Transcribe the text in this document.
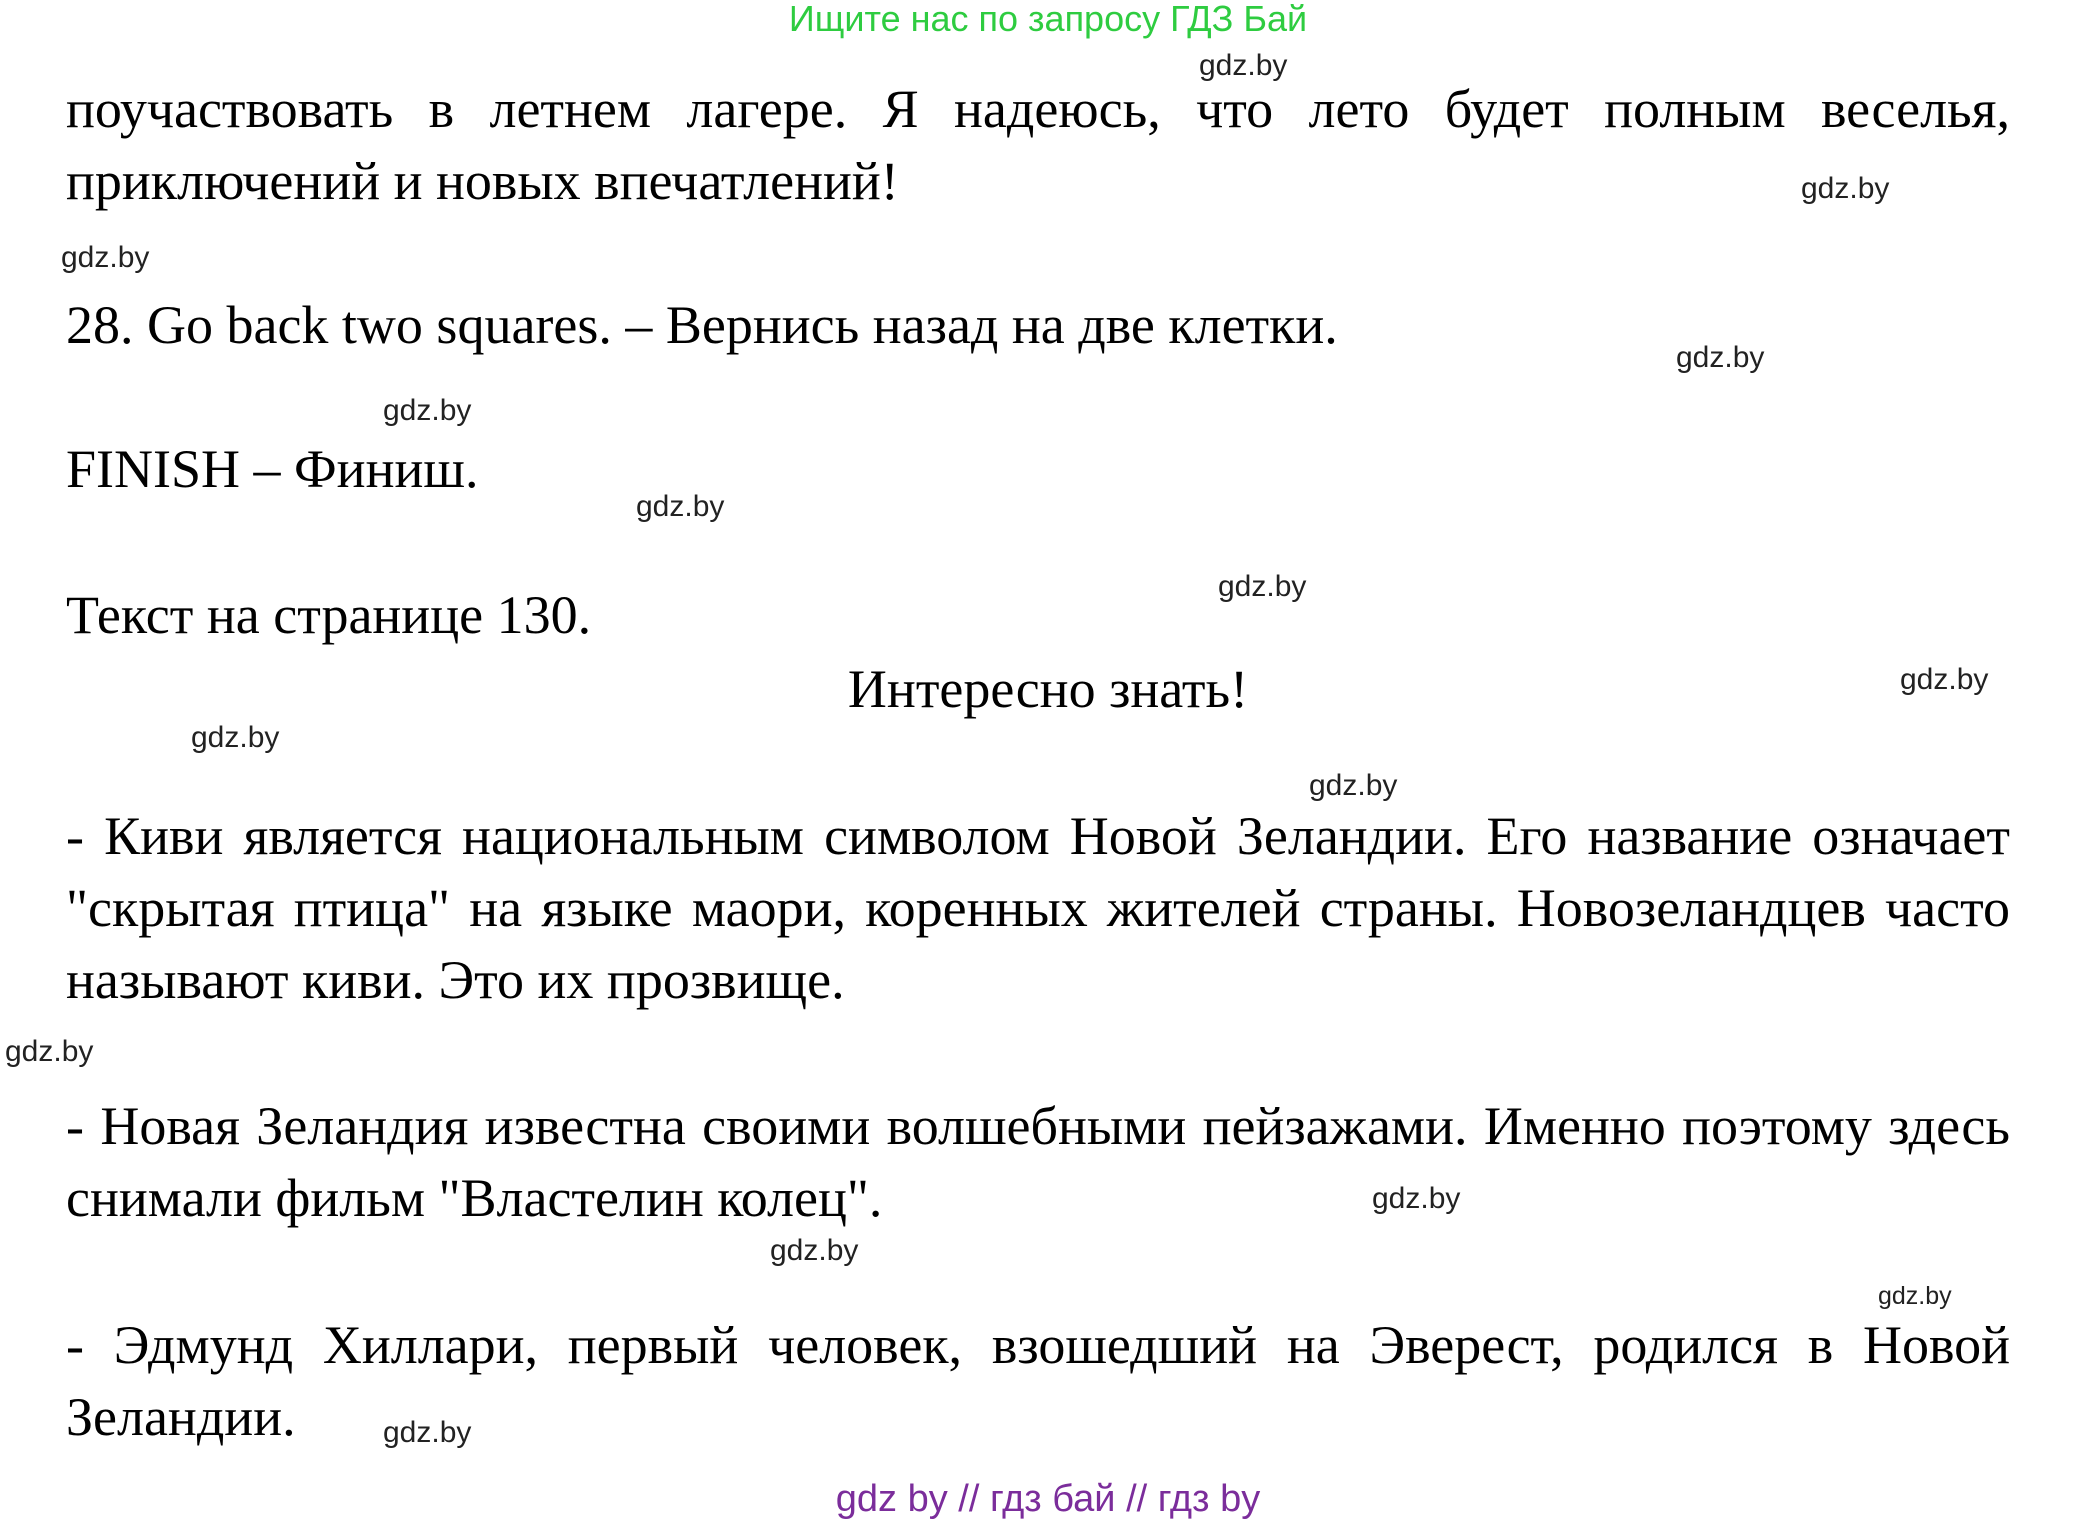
Ищите нас по запросу ГДЗ Бай

поучаствовать в летнем лагере. Я надеюсь, что лето будет полным веселья, приключений и новых впечатлений!

28. Go back two squares. – Вернись назад на две клетки.

FINISH – Финиш.

Текст на странице 130.

Интересно знать!

- Киви является национальным символом Новой Зеландии. Его название означает "скрытая птица" на языке маори, коренных жителей страны. Новозеландцев часто называют киви. Это их прозвище.

- Новая Зеландия известна своими волшебными пейзажами. Именно поэтому здесь снимали фильм "Властелин колец".

- Эдмунд Хиллари, первый человек, взошедший на Эверест, родился в Новой Зеландии.

gdz.by
gdz.by
gdz.by
gdz.by
gdz.by
gdz.by
gdz.by
gdz.by
gdz.by
gdz.by
gdz.by
gdz.by
gdz.by
gdz.by
gdz.by
gdz by // гдз бай // гдз by
